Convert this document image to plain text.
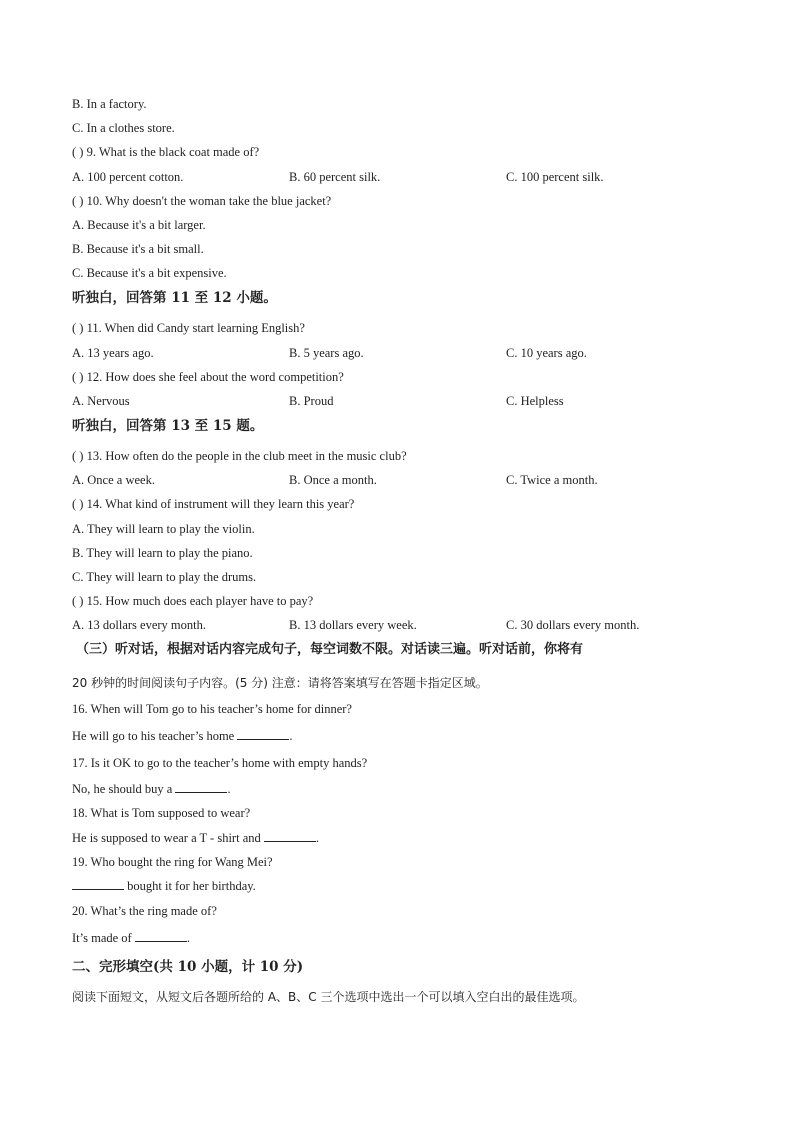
B. In a factory.
C. In a clothes store.
( ) 9. What is the black coat made of?
A. 100 percent cotton.	B. 60 percent silk.	C. 100 percent silk.
( ) 10. Why doesn't the woman take the blue jacket?
A. Because it's a bit larger.
B. Because it's a bit small.
C. Because it's a bit expensive.
听独白，回答第 11 至 12 小题。
( ) 11. When did Candy start learning English?
A. 13 years ago.	B. 5 years ago.	C. 10 years ago.
( ) 12. How does she feel about the word competition?
A. Nervous	B. Proud	C. Helpless
听独白，回答第 13 至 15 题。
( ) 13. How often do the people in the club meet in the music club?
A. Once a week.	B. Once a month.	C. Twice a month.
( ) 14. What kind of instrument will they learn this year?
A. They will learn to play the violin.
B. They will learn to play the piano.
C. They will learn to play the drums.
( ) 15. How much does each player have to pay?
A. 13 dollars every month.	B. 13 dollars every week.	C. 30 dollars every month.
（三）听对话，根据对话内容完成句子，每空词数不限。对话读三遍。听对话前，你将有
20 秒钟的时间阅读句子内容。(5 分) 注意：请将答案填写在答题卡指定区域。
16. When will Tom go to his teacher’s home for dinner?
He will go to his teacher’s home	.
17. Is it OK to go to the teacher’s home with empty hands?
No, he should buy a	.
18. What is Tom supposed to wear?
He is supposed to wear a T - shirt and	.
19. Who bought the ring for Wang Mei?
bought it for her birthday.
20. What’s the ring made of?
It’s made of	.
二、完形填空(共 10 小题，计 10 分)
阅读下面短文，从短文后各题所给的 A、B、C 三个选项中选出一个可以填入空白出的最佳选项。
